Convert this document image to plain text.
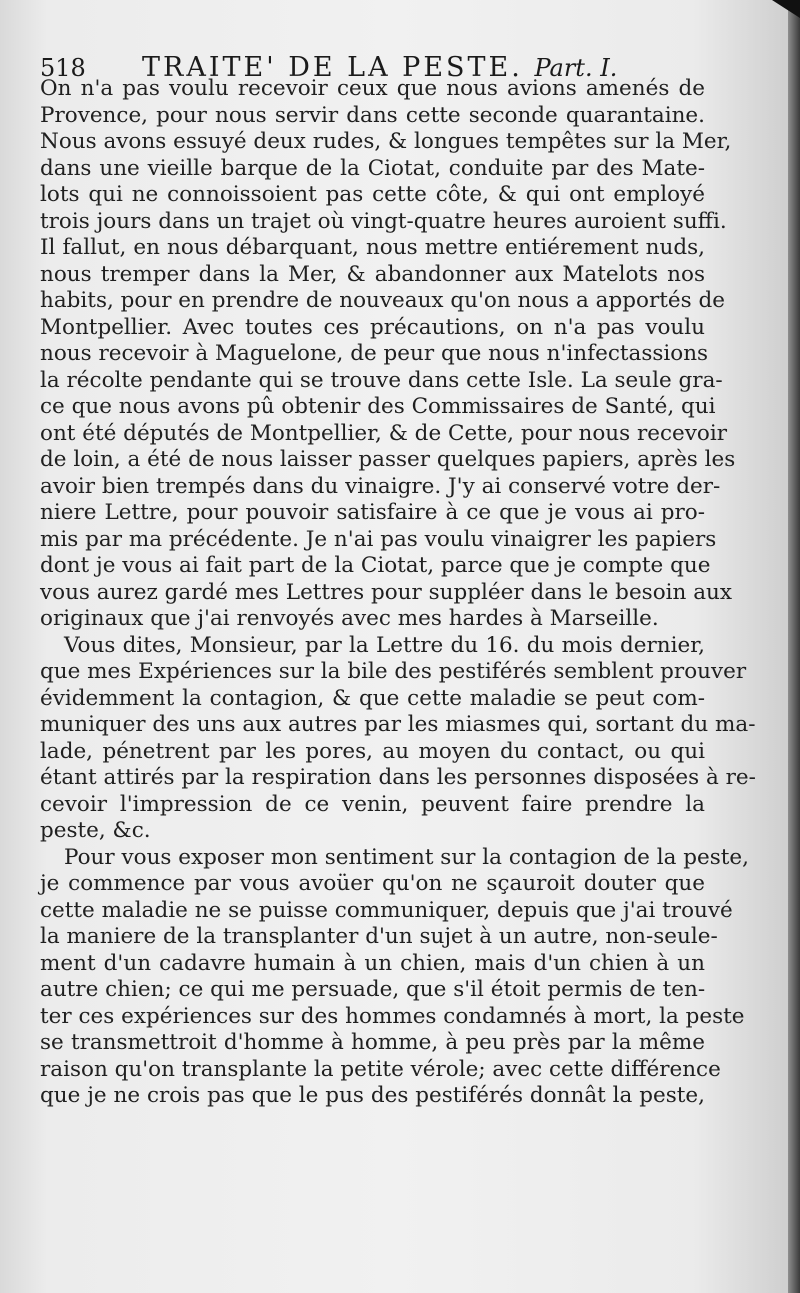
518 TRAITE' DE LA PESTE. Part. I.
On n'a pas voulu recevoir ceux que nous avions amenés de
Provence, pour nous servir dans cette seconde quarantaine.
Nous avons essuyé deux rudes, & longues tempêtes sur la Mer,
dans une vieille barque de la Ciotat, conduite par des Mate-
lots qui ne connoissoient pas cette côte, & qui ont employé
trois jours dans un trajet où vingt-quatre heures auroient suffi.
Il fallut, en nous débarquant, nous mettre entiérement nuds,
nous tremper dans la Mer, & abandonner aux Matelots nos
habits, pour en prendre de nouveaux qu'on nous a apportés de
Montpellier. Avec toutes ces précautions, on n'a pas voulu
nous recevoir à Maguelone, de peur que nous n'infectassions
la récolte pendante qui se trouve dans cette Isle. La seule gra-
ce que nous avons pû obtenir des Commissaires de Santé, qui
ont été députés de Montpellier, & de Cette, pour nous recevoir
de loin, a été de nous laisser passer quelques papiers, après les
avoir bien trempés dans du vinaigre. J'y ai conservé votre der-
niere Lettre, pour pouvoir satisfaire à ce que je vous ai pro-
mis par ma précédente. Je n'ai pas voulu vinaigrer les papiers
dont je vous ai fait part de la Ciotat, parce que je compte que
vous aurez gardé mes Lettres pour suppléer dans le besoin aux
originaux que j'ai renvoyés avec mes hardes à Marseille.
Vous dites, Monsieur, par la Lettre du 16. du mois dernier,
que mes Expériences sur la bile des pestiférés semblent prouver
évidemment la contagion, & que cette maladie se peut com-
muniquer des uns aux autres par les miasmes qui, sortant du ma-
lade, pénetrent par les pores, au moyen du contact, ou qui
étant attirés par la respiration dans les personnes disposées à re-
cevoir l'impression de ce venin, peuvent faire prendre la
peste, &c.
Pour vous exposer mon sentiment sur la contagion de la peste,
je commence par vous avoüer qu'on ne sçauroit douter que
cette maladie ne se puisse communiquer, depuis que j'ai trouvé
la maniere de la transplanter d'un sujet à un autre, non-seule-
ment d'un cadavre humain à un chien, mais d'un chien à un
autre chien; ce qui me persuade, que s'il étoit permis de ten-
ter ces expériences sur des hommes condamnés à mort, la peste
se transmettroit d'homme à homme, à peu près par la même
raison qu'on transplante la petite vérole; avec cette différence
que je ne crois pas que le pus des pestiférés donnât la peste,
